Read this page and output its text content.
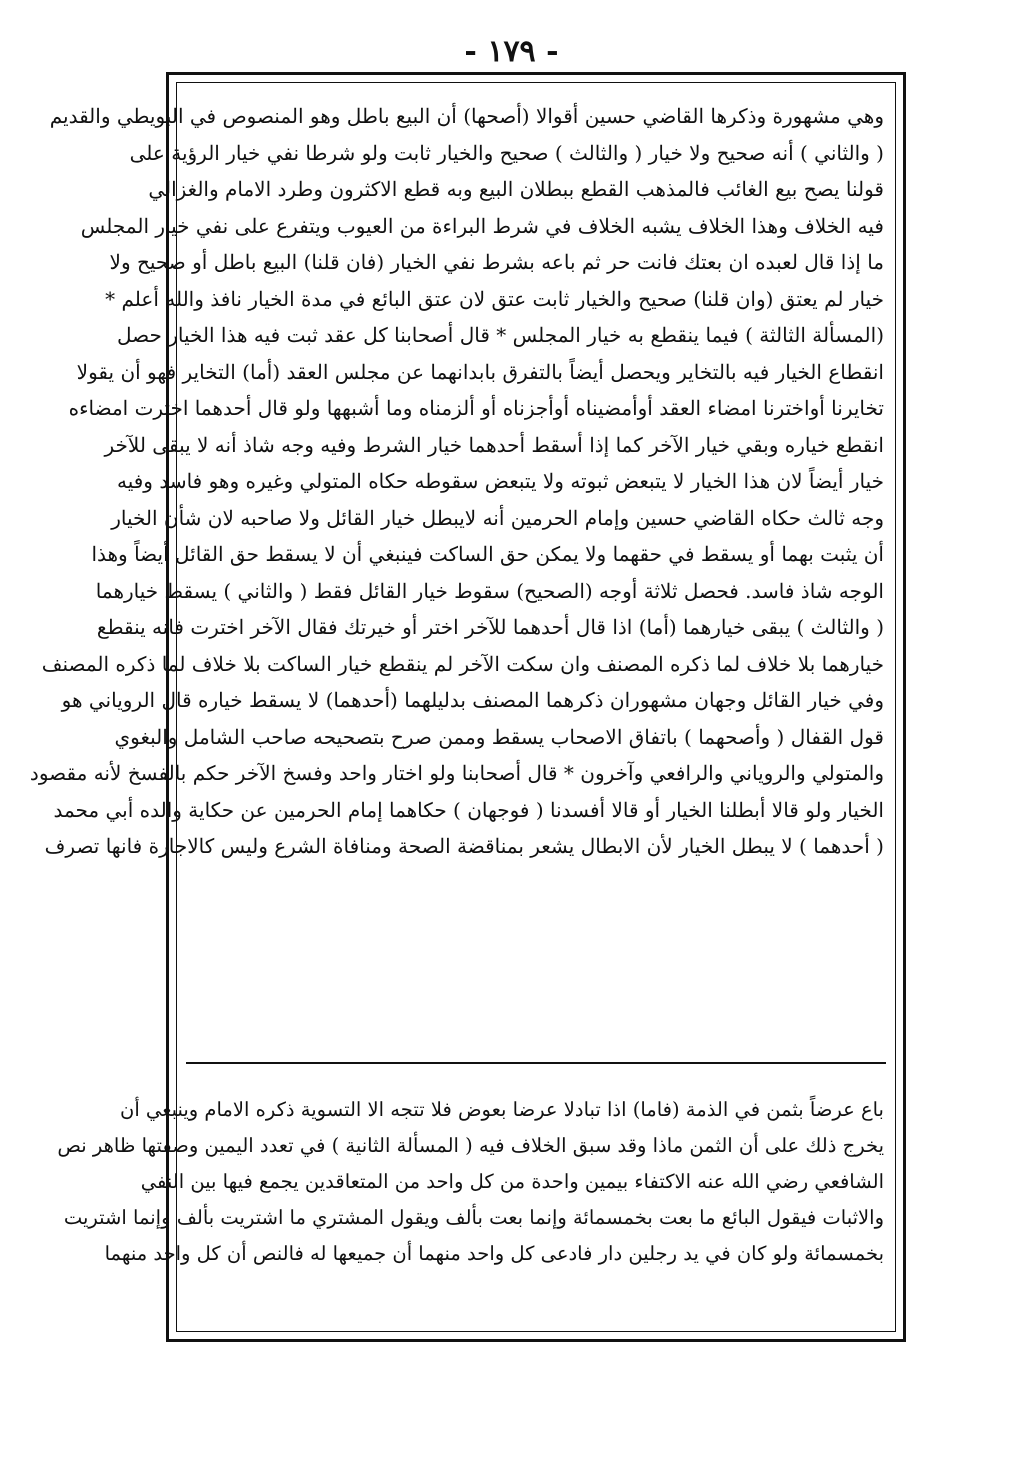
- ١٧٩ -
وهي مشهورة وذكرها القاضي حسين أقوالا (أصحها) أن البيع باطل وهو المنصوص في البويطي والقديم
( والثاني ) أنه صحيح ولا خيار ( والثالث ) صحيح والخيار ثابت ولو شرطا نفي خيار الرؤية على
قولنا يصح بيع الغائب فالمذهب القطع ببطلان البيع وبه قطع الاكثرون وطرد الامام والغزالي
فيه الخلاف وهذا الخلاف يشبه الخلاف في شرط البراءة من العيوب ويتفرع على نفي خيار المجلس
ما إذا قال لعبده ان بعتك فانت حر ثم باعه بشرط نفي الخيار (فان قلنا) البيع باطل أو صحيح ولا
خيار لم يعتق (وان قلنا) صحيح والخيار ثابت عتق لان عتق البائع في مدة الخيار نافذ والله أعلم *
(المسألة الثالثة ) فيما ينقطع به خيار المجلس * قال أصحابنا كل عقد ثبت فيه هذا الخيار حصل
انقطاع الخيار فيه بالتخاير ويحصل أيضاً بالتفرق بابدانهما عن مجلس العقد (أما) التخاير فهو أن يقولا
تخايرنا أواخترنا امضاء العقد أوأمضيناه أوأجزناه أو ألزمناه وما أشبهها ولو قال أحدهما اخترت امضاءه
انقطع خياره وبقي خيار الآخر كما إذا أسقط أحدهما خيار الشرط وفيه وجه شاذ أنه لا يبقى للآخر
خيار أيضاً لان هذا الخيار لا يتبعض ثبوته ولا يتبعض سقوطه حكاه المتولي وغيره وهو فاسد وفيه
وجه ثالث حكاه القاضي حسين وإمام الحرمين أنه لايبطل خيار القائل ولا صاحبه لان شأن الخيار
أن يثبت بهما أو يسقط في حقهما ولا يمكن حق الساكت فينبغي أن لا يسقط حق القائل أيضاً وهذا
الوجه شاذ فاسد. فحصل ثلاثة أوجه (الصحيح) سقوط خيار القائل فقط ( والثاني ) يسقط خيارهما
( والثالث ) يبقى خيارهما (أما) اذا قال أحدهما للآخر اختر أو خيرتك فقال الآخر اخترت فانه ينقطع
خيارهما بلا خلاف لما ذكره المصنف وان سكت الآخر لم ينقطع خيار الساكت بلا خلاف لما ذكره المصنف
وفي خيار القائل وجهان مشهوران ذكرهما المصنف بدليلهما (أحدهما) لا يسقط خياره قال الروياني هو
قول القفال ( وأصحهما ) باتفاق الاصحاب يسقط وممن صرح بتصحيحه صاحب الشامل والبغوي
والمتولي والروياني والرافعي وآخرون * قال أصحابنا ولو اختار واحد وفسخ الآخر حكم بالفسخ لأنه مقصود
الخيار ولو قالا أبطلنا الخيار أو قالا أفسدنا ( فوجهان ) حكاهما إمام الحرمين عن حكاية والده أبي محمد
( أحدهما ) لا يبطل الخيار لأن الابطال يشعر بمناقضة الصحة ومنافاة الشرع وليس كالاجارة فانها تصرف
باع عرضاً بثمن في الذمة (فاما) اذا تبادلا عرضا بعوض فلا تتجه الا التسوية ذكره الامام وينبغي أن
يخرج ذلك على أن الثمن ماذا وقد سبق الخلاف فيه ( المسألة الثانية ) في تعدد اليمين وصفتها ظاهر نص
الشافعي رضي الله عنه الاكتفاء بيمين واحدة من كل واحد من المتعاقدين يجمع فيها بين النفي
والاثبات فيقول البائع ما بعت بخمسمائة وإنما بعت بألف ويقول المشتري ما اشتريت بألف وإنما اشتريت
بخمسمائة ولو كان في يد رجلين دار فادعى كل واحد منهما أن جميعها له فالنص أن كل واحد منهما
